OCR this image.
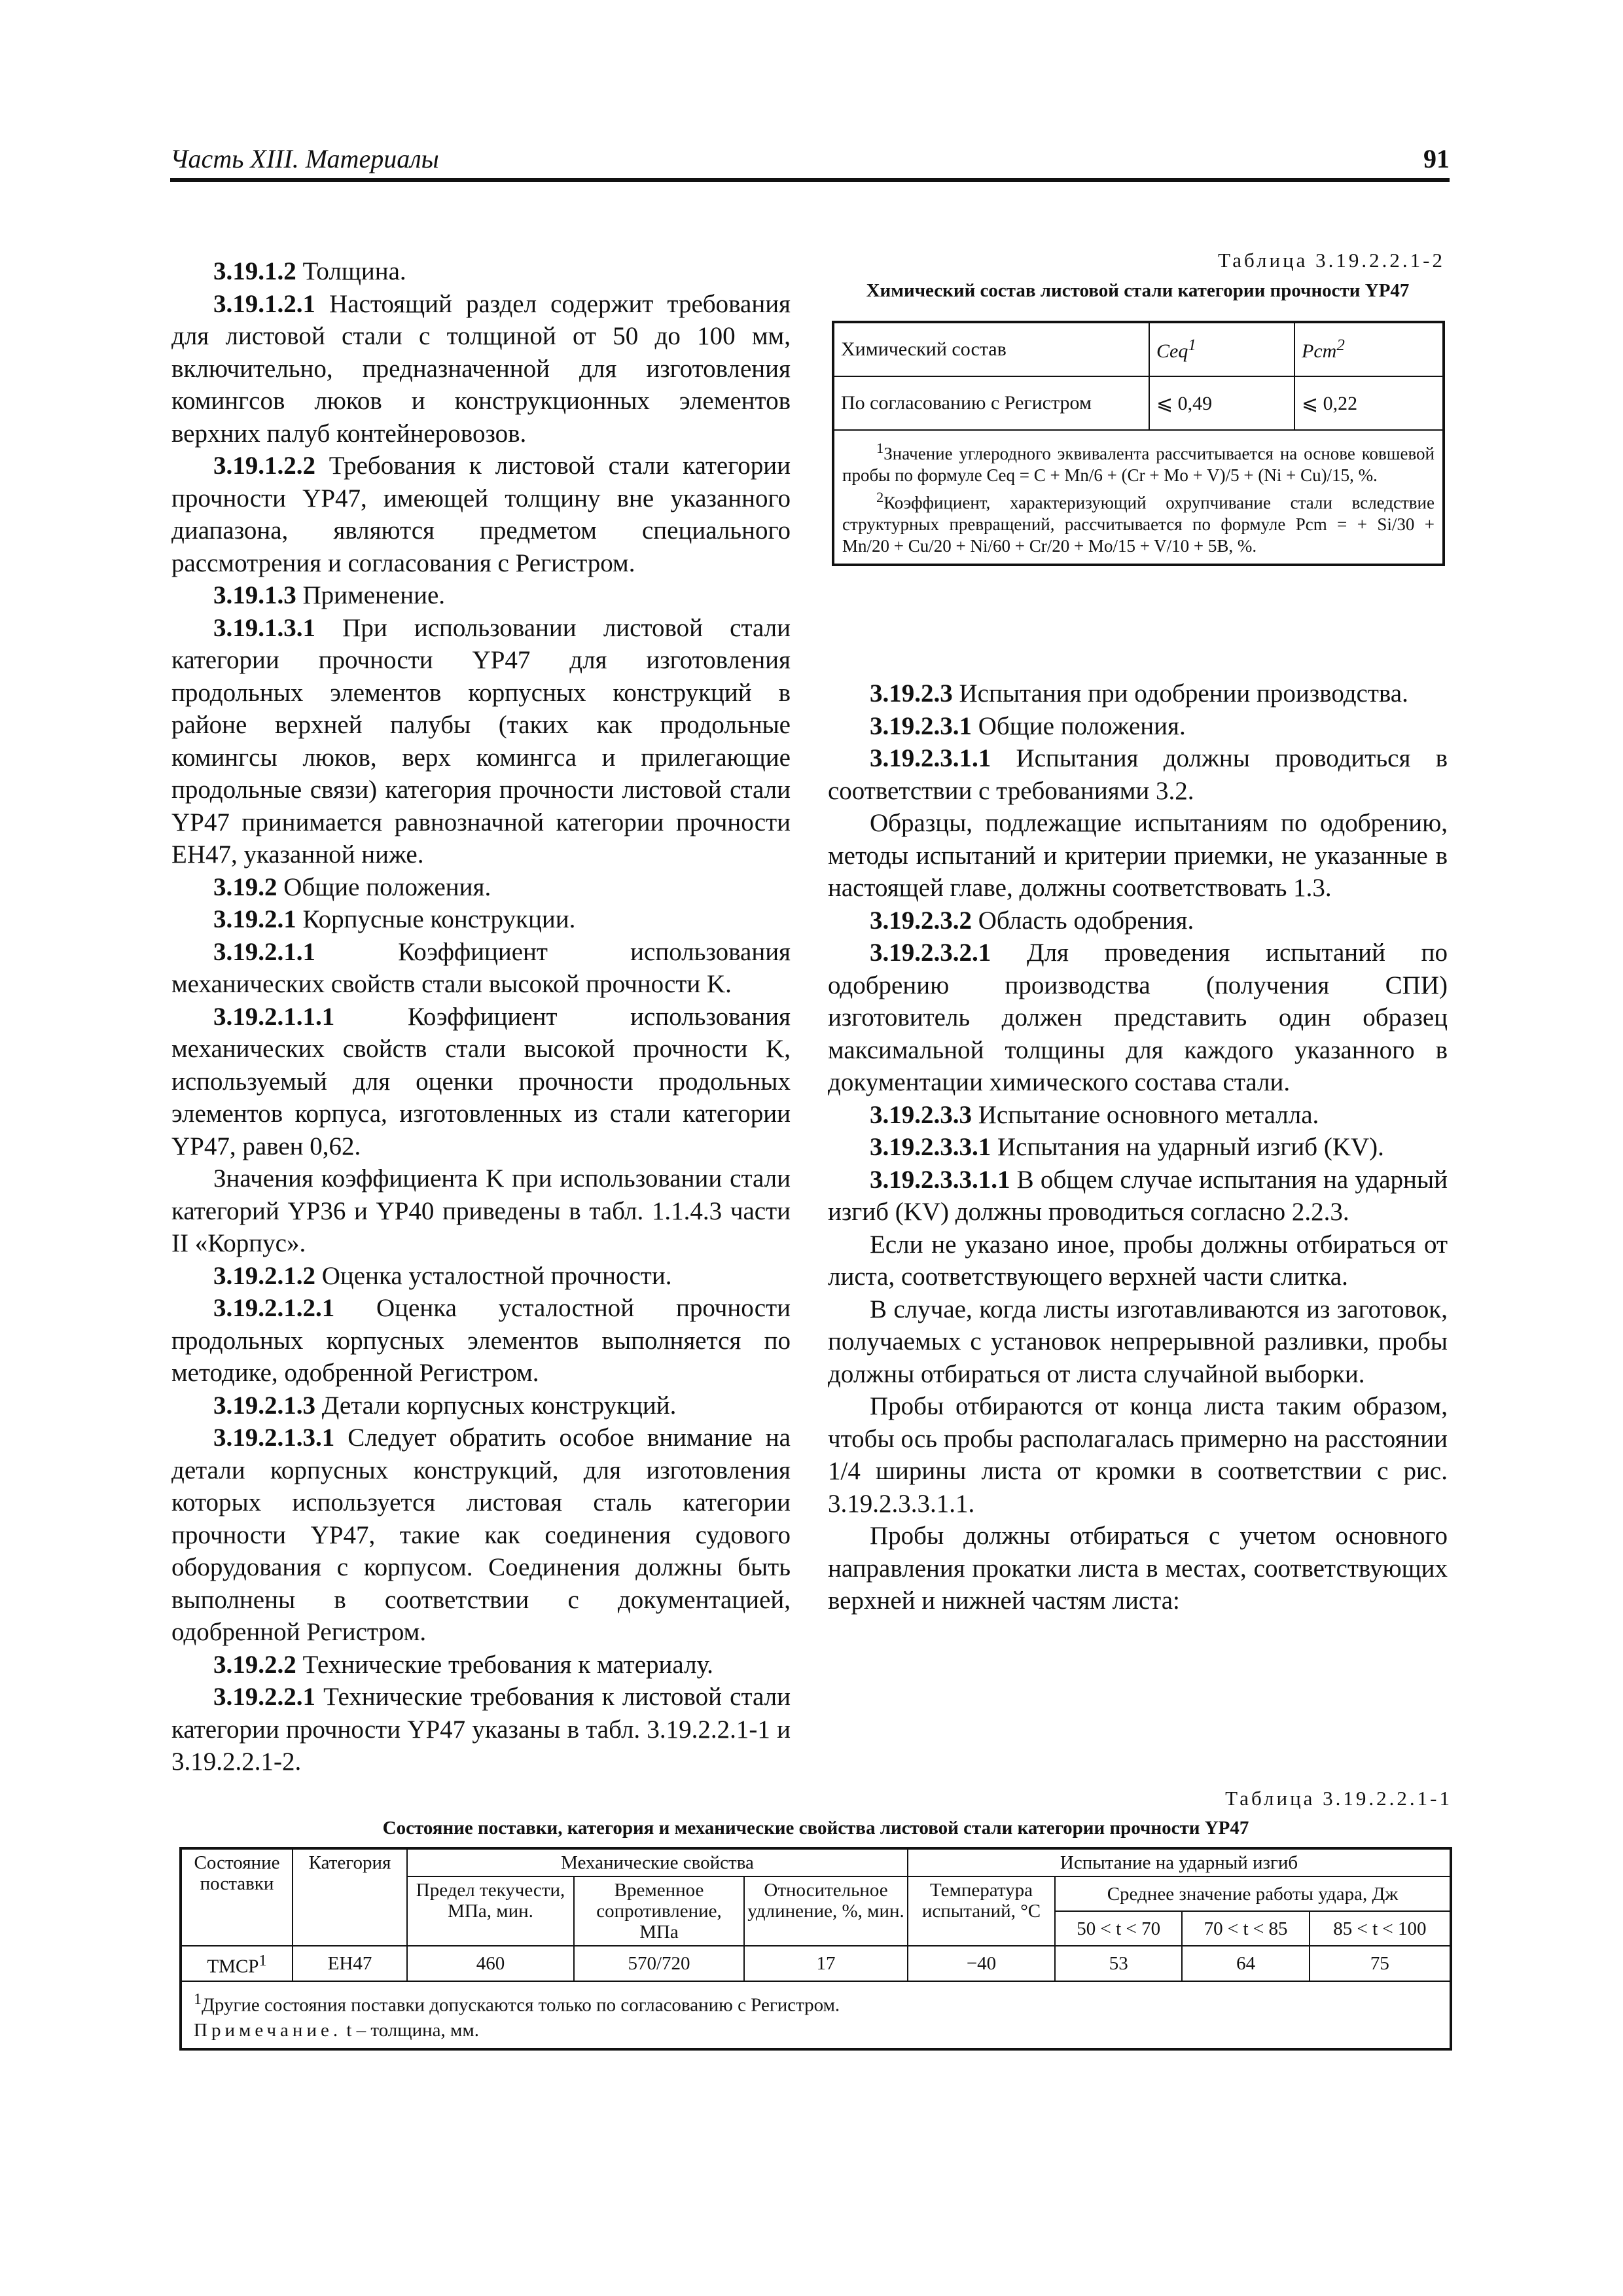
Часть XIII. Материалы	91

3.19.1.2 Толщина.

3.19.1.2.1 Настоящий раздел содержит требования для листовой стали с толщиной от 50 до 100 мм, включительно, предназначенной для изготовления комингсов люков и конструкционных элементов верхних палуб контейнеровозов.

3.19.1.2.2 Требования к листовой стали категории прочности YP47, имеющей толщину вне указанного диапазона, являются предметом специального рассмотрения и согласования с Регистром.

3.19.1.3 Применение.

3.19.1.3.1 При использовании листовой стали категории прочности YP47 для изготовления продольных элементов корпусных конструкций в районе верхней палубы (таких как продольные комингсы люков, верх комингса и прилегающие продольные связи) категория прочности листовой стали YP47 принимается равнозначной категории прочности EH47, указанной ниже.

3.19.2 Общие положения.

3.19.2.1 Корпусные конструкции.

3.19.2.1.1 Коэффициент использования механических свойств стали высокой прочности K.

3.19.2.1.1.1 Коэффициент использования механических свойств стали высокой прочности K, используемый для оценки прочности продольных элементов корпуса, изготовленных из стали категории YP47, равен 0,62.

Значения коэффициента K при использовании стали категорий YP36 и YP40 приведены в табл. 1.1.4.3 части II «Корпус».

3.19.2.1.2 Оценка усталостной прочности.

3.19.2.1.2.1 Оценка усталостной прочности продольных корпусных элементов выполняется по методике, одобренной Регистром.

3.19.2.1.3 Детали корпусных конструкций.

3.19.2.1.3.1 Следует обратить особое внимание на детали корпусных конструкций, для изготовления которых используется листовая сталь категории прочности YP47, такие как соединения судового оборудования с корпусом. Соединения должны быть выполнены в соответствии с документацией, одобренной Регистром.

3.19.2.2 Технические требования к материалу.

3.19.2.2.1 Технические требования к листовой стали категории прочности YP47 указаны в табл. 3.19.2.2.1-1 и 3.19.2.2.1-2.

Таблица 3.19.2.2.1-2
Химический состав листовой стали категории прочности YP47
Химический состав	Ceq$^1$	Pcm$^2$
По согласованию с Регистром	⩽ 0,49	⩽ 0,22

$^1$Значение углеродного эквивалента рассчитывается на основе ковшевой пробы по формуле Ceq = C + Mn/6 + (Cr + Mo + V)/5 + (Ni + Cu)/15, %.

$^2$Коэффициент, характеризующий охрупчивание стали вследствие структурных превращений, рассчитывается по формуле Pcm = + Si/30 + Mn/20 + Cu/20 + Ni/60 + Cr/20 + Mo/15 + V/10 + 5B, %.		

3.19.2.3 Испытания при одобрении производства.

3.19.2.3.1 Общие положения.

3.19.2.3.1.1 Испытания должны проводиться в соответствии с требованиями 3.2.

Образцы, подлежащие испытаниям по одобрению, методы испытаний и критерии приемки, не указанные в настоящей главе, должны соответствовать 1.3.

3.19.2.3.2 Область одобрения.

3.19.2.3.2.1 Для проведения испытаний по одобрению производства (получения СПИ) изготовитель должен представить один образец максимальной толщины для каждого указанного в документации химического состава стали.

3.19.2.3.3 Испытание основного металла.

3.19.2.3.3.1 Испытания на ударный изгиб (KV).

3.19.2.3.3.1.1 В общем случае испытания на ударный изгиб (KV) должны проводиться согласно 2.2.3.

Если не указано иное, пробы должны отбираться от листа, соответствующего верхней части слитка.

В случае, когда листы изготавливаются из заготовок, получаемых с установок непрерывной разливки, пробы должны отбираться от листа случайной выборки.

Пробы отбираются от конца листа таким образом, чтобы ось пробы располагалась примерно на расстоянии 1/4 ширины листа от кромки в соответствии с рис. 3.19.2.3.3.1.1.

Пробы должны отбираться с учетом основного направления прокатки листа в местах, соответствующих верхней и нижней частям листа:

Таблица 3.19.2.2.1-1
Состояние поставки, категория и механические свойства листовой стали категории прочности YP47
Состояние поставки	Категория	Механические свойства			Испытание на ударный изгиб			
		Предел текучести, МПа, мин.	Временное сопротивление, МПа	Относительное удлинение, %, мин.	Температура испытаний, °C	Среднее значение работы удара, Дж		
						50 < t < 70	70 < t < 85	85 < t < 100
TMCP$^1$	EH47	460	570/720	17	−40	53	64	75

$^1$Другие состояния поставки допускаются только по согласованию с Регистром.
Примечание. t – толщина, мм.								
